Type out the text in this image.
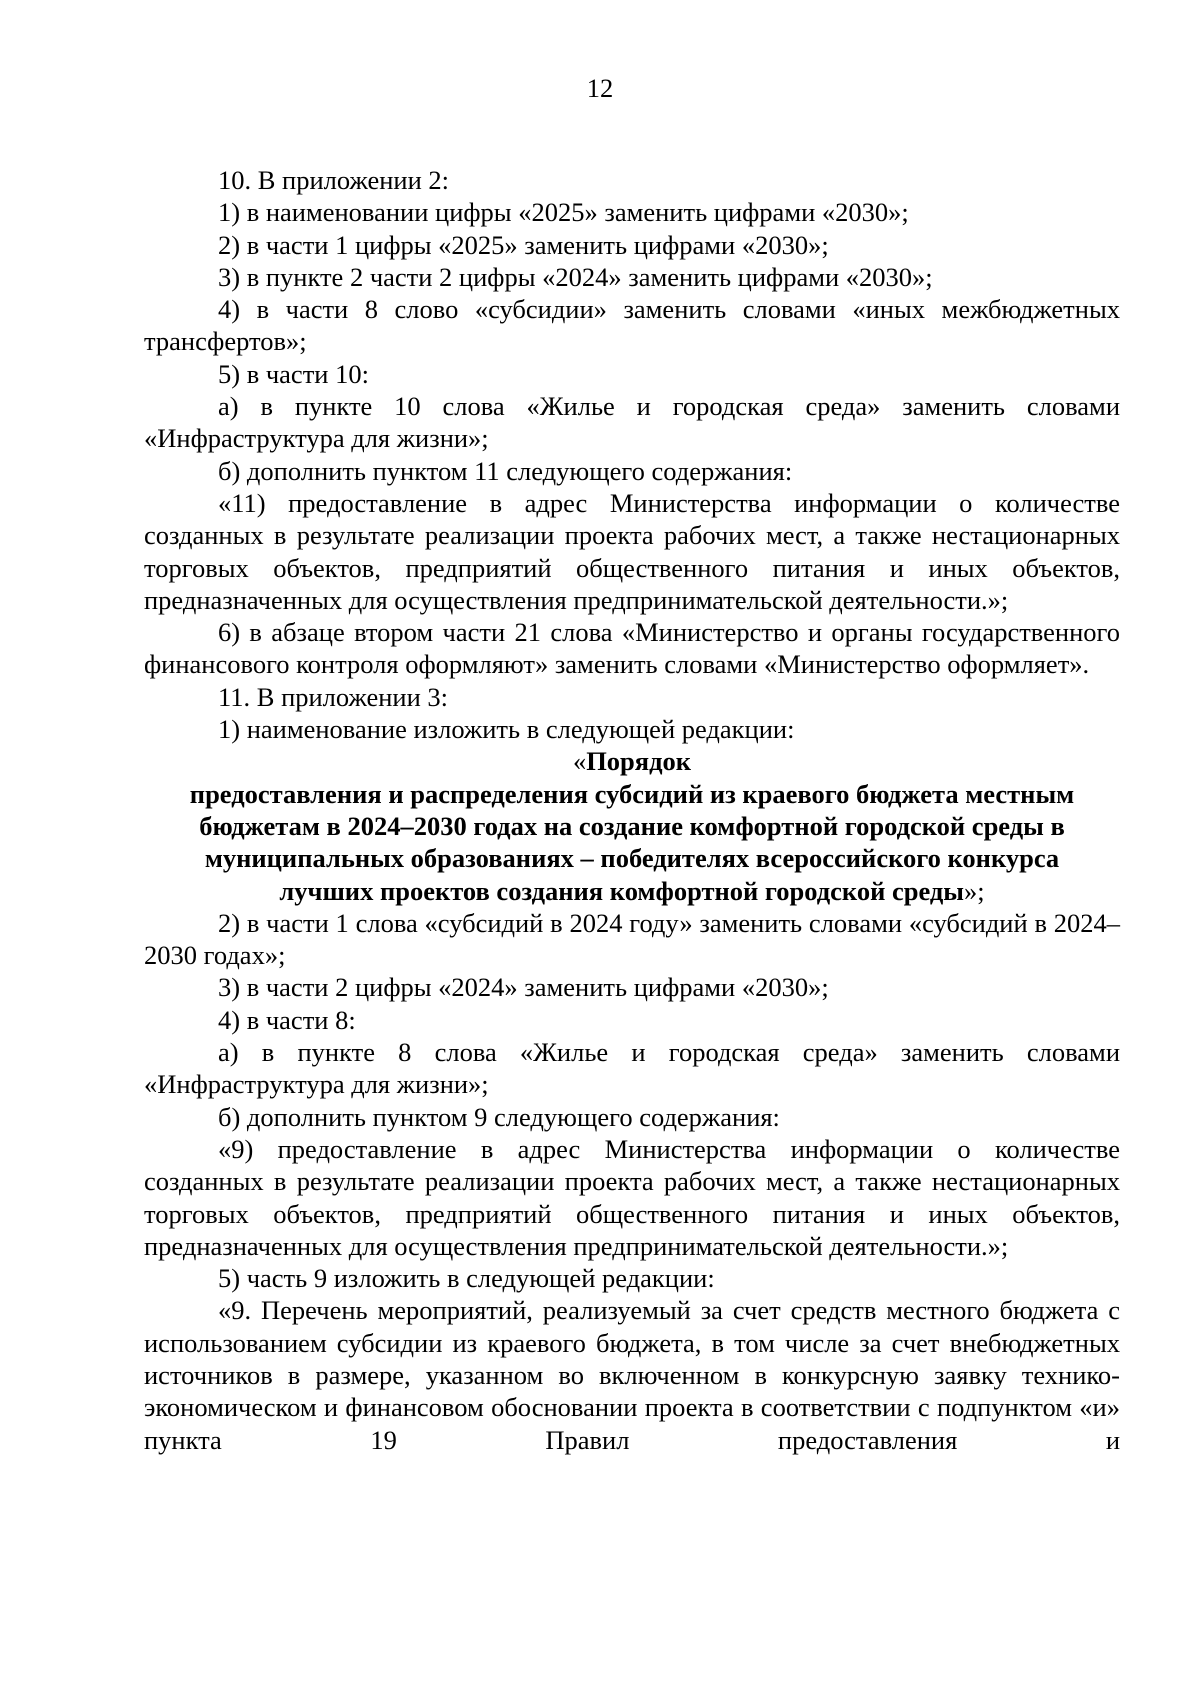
12

10. В приложении 2:

1) в наименовании цифры «2025» заменить цифрами «2030»;

2) в части 1 цифры «2025» заменить цифрами «2030»;

3) в пункте 2 части 2 цифры «2024» заменить цифрами «2030»;

4) в части 8 слово «субсидии» заменить словами «иных межбюджетных трансфертов»;

5) в части 10:

а) в пункте 10 слова «Жилье и городская среда» заменить словами «Инфраструктура для жизни»;

б) дополнить пунктом 11 следующего содержания:

«11) предоставление в адрес Министерства информации о количестве созданных в результате реализации проекта рабочих мест, а также нестационарных торговых объектов, предприятий общественного питания и иных объектов, предназначенных для осуществления предпринимательской деятельности.»;

6) в абзаце втором части 21 слова «Министерство и органы государственного финансового контроля оформляют» заменить словами «Министерство оформляет».

11. В приложении 3:

1) наименование изложить в следующей редакции:

«Порядок
предоставления и распределения субсидий из краевого бюджета местным
бюджетам в 2024–2030 годах на создание комфортной городской среды в
муниципальных образованиях – победителях всероссийского конкурса
лучших проектов создания комфортной городской среды»;

2) в части 1 слова «субсидий в 2024 году» заменить словами «субсидий в 2024–2030 годах»;

3) в части 2 цифры «2024» заменить цифрами «2030»;

4) в части 8:

а) в пункте 8 слова «Жилье и городская среда» заменить словами «Инфраструктура для жизни»;

б) дополнить пунктом 9 следующего содержания:

«9) предоставление в адрес Министерства информации о количестве созданных в результате реализации проекта рабочих мест, а также нестационарных торговых объектов, предприятий общественного питания и иных объектов, предназначенных для осуществления предпринимательской деятельности.»;

5) часть 9 изложить в следующей редакции:

«9. Перечень мероприятий, реализуемый за счет средств местного бюджета с использованием субсидии из краевого бюджета, в том числе за счет внебюджетных источников в размере, указанном во включенном в конкурсную заявку технико-экономическом и финансовом обосновании проекта в соответствии с подпунктом «и» пункта 19 Правил предоставления и
